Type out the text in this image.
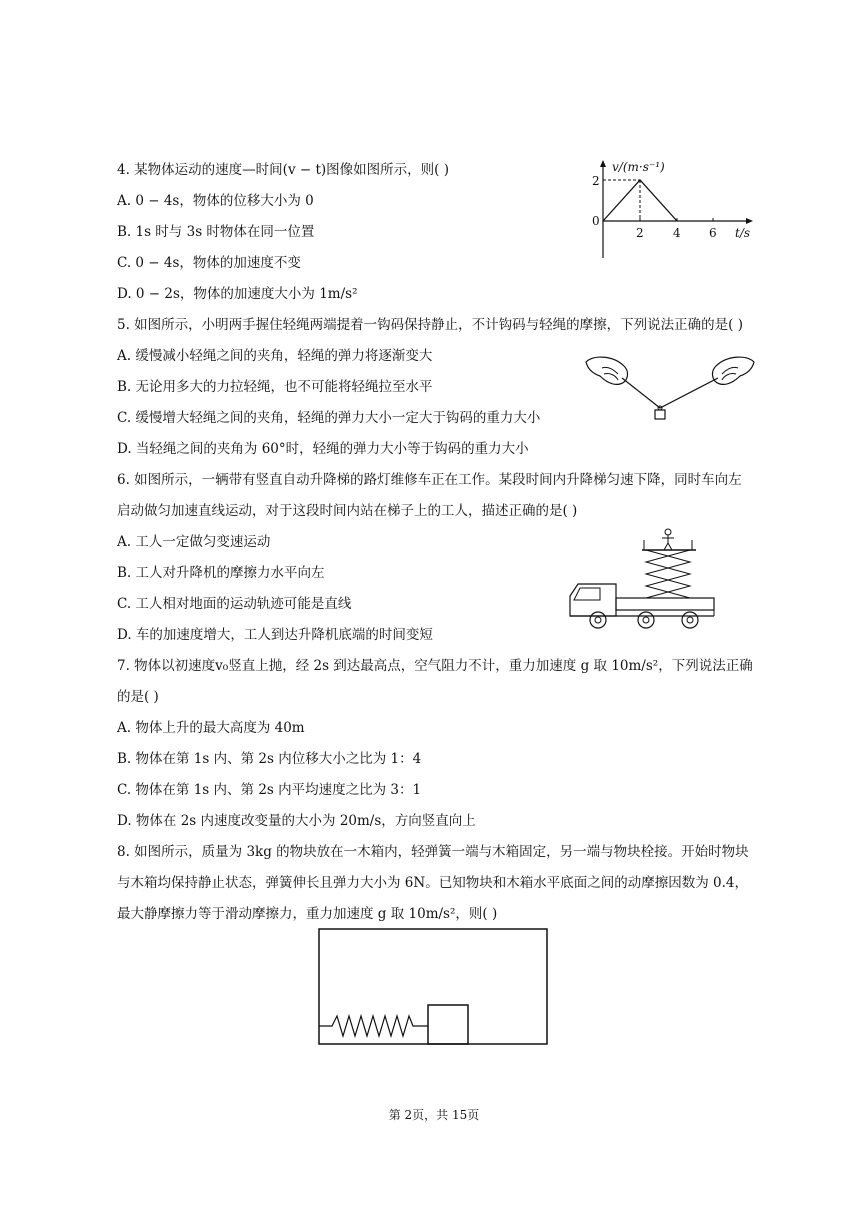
4. 某物体运动的速度—时间(v − t)图像如图所示，则( )
A. 0 − 4s，物体的位移大小为 0
B. 1s 时与 3s 时物体在同一位置
C. 0 − 4s，物体的加速度不变
D. 0 − 2s，物体的加速度大小为 1m/s²
v/(m·s⁻¹)
2
0
2 4 6 t/s
5. 如图所示，小明两手握住轻绳两端提着一钩码保持静止，不计钩码与轻绳的摩擦，下列说法正确的是( )
A. 缓慢减小轻绳之间的夹角，轻绳的弹力将逐渐变大
B. 无论用多大的力拉轻绳，也不可能将轻绳拉至水平
C. 缓慢增大轻绳之间的夹角，轻绳的弹力大小一定大于钩码的重力大小
D. 当轻绳之间的夹角为 60°时，轻绳的弹力大小等于钩码的重力大小
6. 如图所示，一辆带有竖直自动升降梯的路灯维修车正在工作。某段时间内升降梯匀速下降，同时车向左
启动做匀加速直线运动，对于这段时间内站在梯子上的工人，描述正确的是( )
A. 工人一定做匀变速运动
B. 工人对升降机的摩擦力水平向左
C. 工人相对地面的运动轨迹可能是直线
D. 车的加速度增大，工人到达升降机底端的时间变短
7. 物体以初速度v₀竖直上抛，经 2s 到达最高点，空气阻力不计，重力加速度 g 取 10m/s²，下列说法正确
的是( )
A. 物体上升的最大高度为 40m
B. 物体在第 1s 内、第 2s 内位移大小之比为 1：4
C. 物体在第 1s 内、第 2s 内平均速度之比为 3：1
D. 物体在 2s 内速度改变量的大小为 20m/s，方向竖直向上
8. 如图所示，质量为 3kg 的物块放在一木箱内，轻弹簧一端与木箱固定，另一端与物块栓接。开始时物块
与木箱均保持静止状态，弹簧伸长且弹力大小为 6N。已知物块和木箱水平底面之间的动摩擦因数为 0.4，
最大静摩擦力等于滑动摩擦力，重力加速度 g 取 10m/s²，则( )
第 2页，共 15页
